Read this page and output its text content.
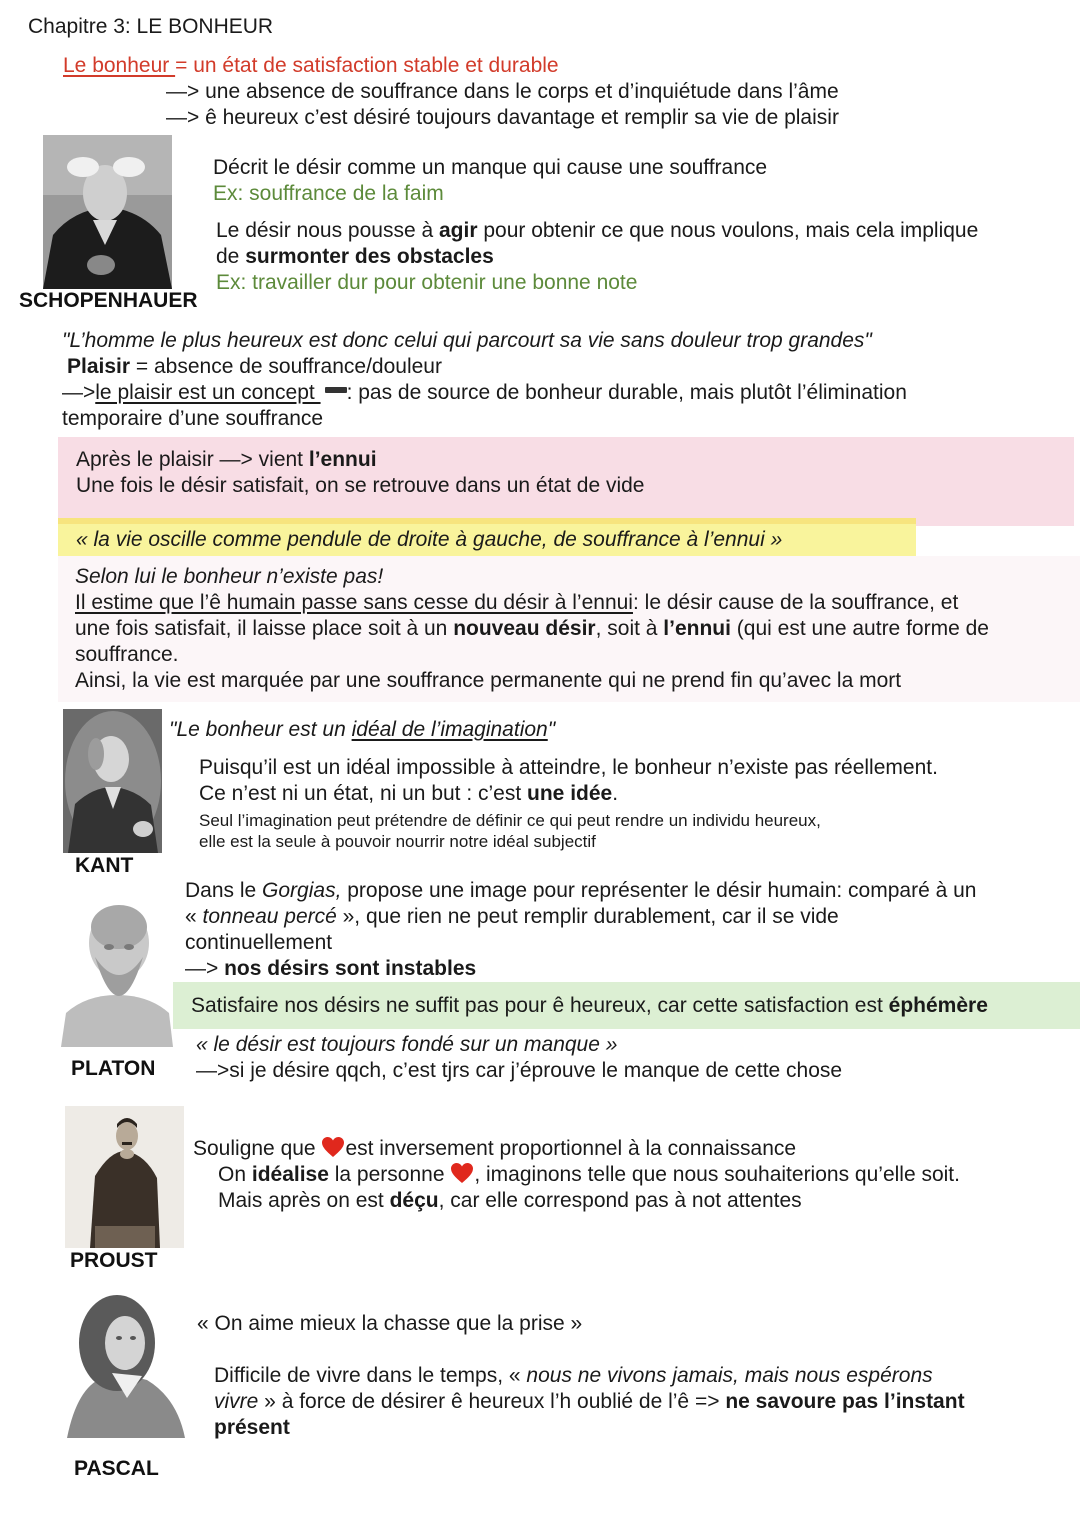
Chapitre 3: LE BONHEUR
Le bonheur = un état de satisfaction stable et durable
—> une absence de souffrance dans le corps et d’inquiétude dans l’âme
—> ê heureux c’est désiré toujours davantage et remplir sa vie de plaisir
SCHOPENHAUER
Décrit le désir comme un manque qui cause une souffrance
Ex: souffrance de la faim
Le désir nous pousse à agir pour obtenir ce que nous voulons, mais cela implique
de surmonter des obstacles
Ex: travailler dur pour obtenir une bonne note
"L’homme le plus heureux est donc celui qui parcourt sa vie sans douleur trop grandes"
Plaisir = absence de souffrance/douleur
—>le plaisir est un concept : pas de source de bonheur durable, mais plutôt l’élimination
temporaire d’une souffrance
Après le plaisir —> vient l’ennui
Une fois le désir satisfait, on se retrouve dans un état de vide
« la vie oscille comme pendule de droite à gauche, de souffrance à l’ennui »
Selon lui le bonheur n’existe pas!
Il estime que l’ê humain passe sans cesse du désir à l’ennui: le désir cause de la souffrance, et
une fois satisfait, il laisse place soit à un nouveau désir, soit à l’ennui (qui est une autre forme de
souffrance.
Ainsi, la vie est marquée par une souffrance permanente qui ne prend fin qu’avec la mort
KANT
"Le bonheur est un idéal de l’imagination"
Puisqu’il est un idéal impossible à atteindre, le bonheur n’existe pas réellement.
Ce n’est ni un état, ni un but : c’est une idée.
Seul l’imagination peut prétendre de définir ce qui peut rendre un individu heureux,
elle est la seule à pouvoir nourrir notre idéal subjectif
PLATON
Dans le Gorgias, propose une image pour représenter le désir humain: comparé à un
« tonneau percé », que rien ne peut remplir durablement, car il se vide
continuellement
—> nos désirs sont instables
Satisfaire nos désirs ne suffit pas pour ê heureux, car cette satisfaction est éphémère
« le désir est toujours fondé sur un manque »
—>si je désire qqch, c’est tjrs car j’éprouve le manque de cette chose
PROUST
Souligne que est inversement proportionnel à la connaissance
On idéalise la personne , imaginons telle que nous souhaiterions qu’elle soit.
Mais après on est déçu, car elle correspond pas à not attentes
PASCAL
« On aime mieux la chasse que la prise »
Difficile de vivre dans le temps, « nous ne vivons jamais, mais nous espérons
vivre » à force de désirer ê heureux l’h oublié de l’ê => ne savoure pas l’instant
présent
